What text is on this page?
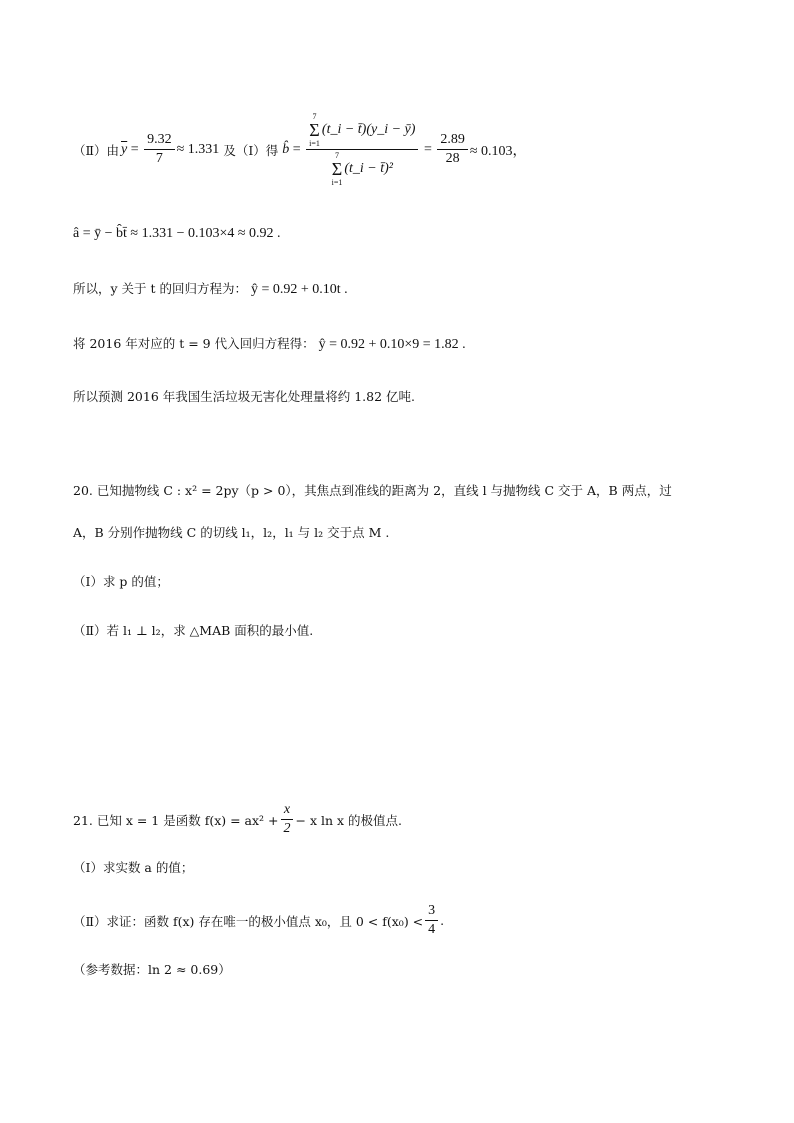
（Ⅱ）由 $\overline{y} = \frac{9.32}{7} \approx 1.331$ 及（Ⅰ）得 b̂ = 7
Σ
i=1
(t_i − t̄)(y_i − ȳ)
7
Σ
i=1
(t_i − t̄)² = $\frac{2.89}{28} \approx 0.103$，
â = ȳ − b̂t̄ ≈ 1.331 − 0.103×4 ≈ 0.92 .
所以，y 关于 t 的回归方程为： ŷ = 0.92 + 0.10t .
将 2016 年对应的 t = 9 代入回归方程得： ŷ = 0.92 + 0.10×9 = 1.82 .
所以预测 2016 年我国生活垃圾无害化处理量将约 1.82 亿吨.
20. 已知抛物线 C : x² = 2py（p > 0），其焦点到准线的距离为 2，直线 l 与抛物线 C 交于 A，B 两点，过
A，B 分别作抛物线 C 的切线 l₁，l₂，l₁ 与 l₂ 交于点 M .
（Ⅰ）求 p 的值；
（Ⅱ）若 l₁ ⊥ l₂，求 △MAB 面积的最小值.
21. 已知 x = 1 是函数 $f(x) = ax^2 + \frac{x}{2} - x$ ln x 的极值点.
（Ⅰ）求实数 a 的值；
（Ⅱ）求证：函数 f(x) 存在唯一的极小值点 x₀，且 $0 < f(x_0) < \frac{3}{4}$ .
（参考数据：ln 2 ≈ 0.69）
